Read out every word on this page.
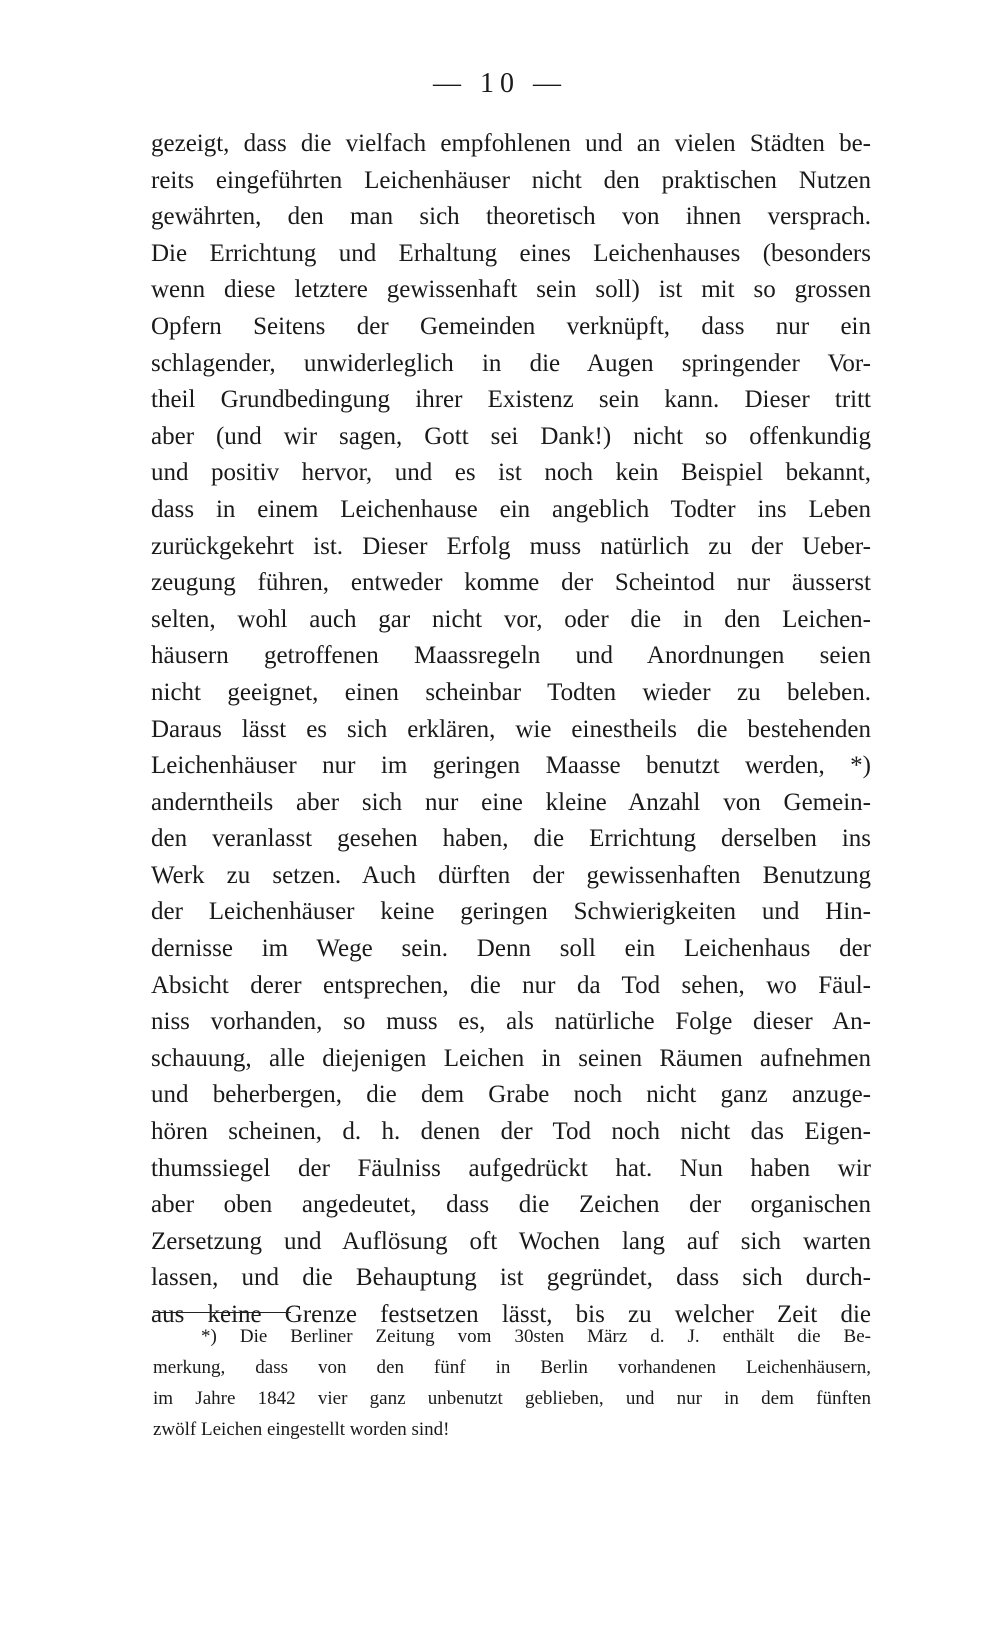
— 10 —
gezeigt, dass die vielfach empfohlenen und an vielen Städten be-
reits eingeführten Leichenhäuser nicht den praktischen Nutzen
gewährten, den man sich theoretisch von ihnen versprach.
Die Errichtung und Erhaltung eines Leichenhauses (besonders
wenn diese letztere gewissenhaft sein soll) ist mit so grossen
Opfern Seitens der Gemeinden verknüpft, dass nur ein
schlagender, unwiderleglich in die Augen springender Vor-
theil Grundbedingung ihrer Existenz sein kann. Dieser tritt
aber (und wir sagen, Gott sei Dank!) nicht so offenkundig
und positiv hervor, und es ist noch kein Beispiel bekannt,
dass in einem Leichenhause ein angeblich Todter ins Leben
zurückgekehrt ist. Dieser Erfolg muss natürlich zu der Ueber-
zeugung führen, entweder komme der Scheintod nur äusserst
selten, wohl auch gar nicht vor, oder die in den Leichen-
häusern getroffenen Maassregeln und Anordnungen seien
nicht geeignet, einen scheinbar Todten wieder zu beleben.
Daraus lässt es sich erklären, wie einestheils die bestehenden
Leichenhäuser nur im geringen Maasse benutzt werden, *)
anderntheils aber sich nur eine kleine Anzahl von Gemein-
den veranlasst gesehen haben, die Errichtung derselben ins
Werk zu setzen. Auch dürften der gewissenhaften Benutzung
der Leichenhäuser keine geringen Schwierigkeiten und Hin-
dernisse im Wege sein. Denn soll ein Leichenhaus der
Absicht derer entsprechen, die nur da Tod sehen, wo Fäul-
niss vorhanden, so muss es, als natürliche Folge dieser An-
schauung, alle diejenigen Leichen in seinen Räumen aufnehmen
und beherbergen, die dem Grabe noch nicht ganz anzuge-
hören scheinen, d. h. denen der Tod noch nicht das Eigen-
thumssiegel der Fäulniss aufgedrückt hat. Nun haben wir
aber oben angedeutet, dass die Zeichen der organischen
Zersetzung und Auflösung oft Wochen lang auf sich warten
lassen, und die Behauptung ist gegründet, dass sich durch-
aus keine Grenze festsetzen lässt, bis zu welcher Zeit die
*) Die Berliner Zeitung vom 30sten März d. J. enthält die Be-
merkung, dass von den fünf in Berlin vorhandenen Leichenhäusern,
im Jahre 1842 vier ganz unbenutzt geblieben, und nur in dem fünften
zwölf Leichen eingestellt worden sind!
